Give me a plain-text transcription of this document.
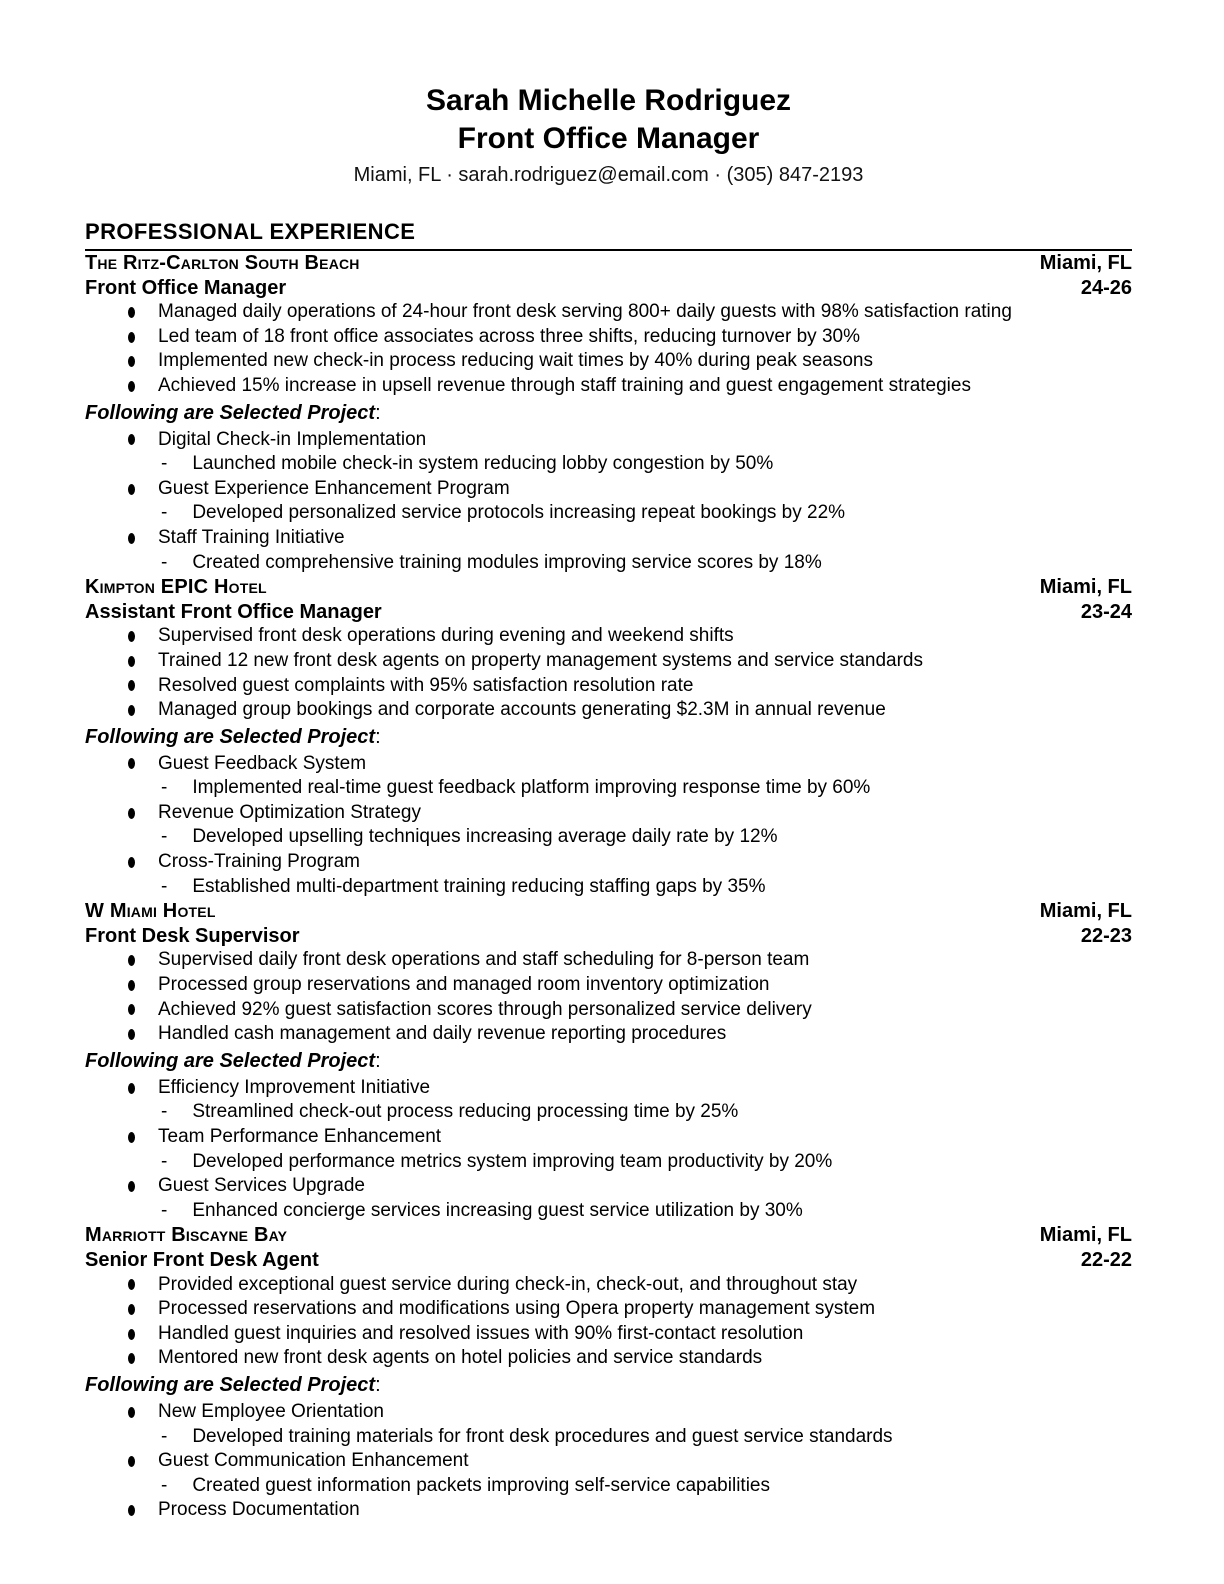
Sarah Michelle Rodriguez
Front Office Manager
Miami, FL · sarah.rodriguez@email.com · (305) 847-2193
PROFESSIONAL EXPERIENCE
The Ritz-Carlton South Beach	Miami, FL
Front Office Manager	24-26
Managed daily operations of 24-hour front desk serving 800+ daily guests with 98% satisfaction rating
Led team of 18 front office associates across three shifts, reducing turnover by 30%
Implemented new check-in process reducing wait times by 40% during peak seasons
Achieved 15% increase in upsell revenue through staff training and guest engagement strategies
Following are Selected Project:
Digital Check-in Implementation
- Launched mobile check-in system reducing lobby congestion by 50%
Guest Experience Enhancement Program
- Developed personalized service protocols increasing repeat bookings by 22%
Staff Training Initiative
- Created comprehensive training modules improving service scores by 18%
Kimpton EPIC Hotel	Miami, FL
Assistant Front Office Manager	23-24
Supervised front desk operations during evening and weekend shifts
Trained 12 new front desk agents on property management systems and service standards
Resolved guest complaints with 95% satisfaction resolution rate
Managed group bookings and corporate accounts generating $2.3M in annual revenue
Following are Selected Project:
Guest Feedback System
- Implemented real-time guest feedback platform improving response time by 60%
Revenue Optimization Strategy
- Developed upselling techniques increasing average daily rate by 12%
Cross-Training Program
- Established multi-department training reducing staffing gaps by 35%
W Miami Hotel	Miami, FL
Front Desk Supervisor	22-23
Supervised daily front desk operations and staff scheduling for 8-person team
Processed group reservations and managed room inventory optimization
Achieved 92% guest satisfaction scores through personalized service delivery
Handled cash management and daily revenue reporting procedures
Following are Selected Project:
Efficiency Improvement Initiative
- Streamlined check-out process reducing processing time by 25%
Team Performance Enhancement
- Developed performance metrics system improving team productivity by 20%
Guest Services Upgrade
- Enhanced concierge services increasing guest service utilization by 30%
Marriott Biscayne Bay	Miami, FL
Senior Front Desk Agent	22-22
Provided exceptional guest service during check-in, check-out, and throughout stay
Processed reservations and modifications using Opera property management system
Handled guest inquiries and resolved issues with 90% first-contact resolution
Mentored new front desk agents on hotel policies and service standards
Following are Selected Project:
New Employee Orientation
- Developed training materials for front desk procedures and guest service standards
Guest Communication Enhancement
- Created guest information packets improving self-service capabilities
Process Documentation
